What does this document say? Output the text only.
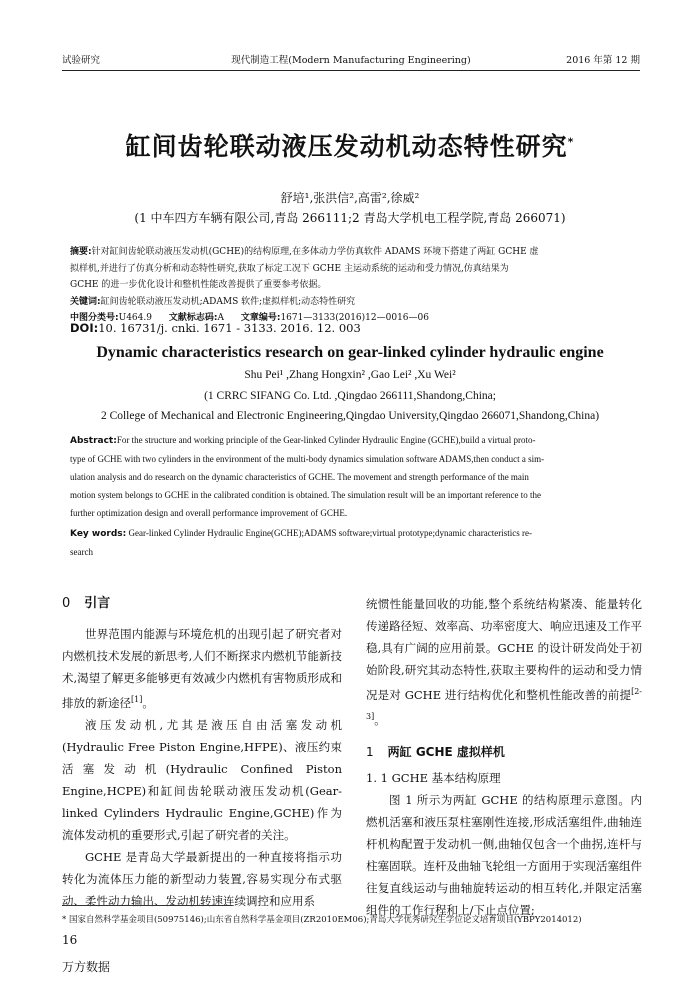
试验研究	现代制造工程(Modern Manufacturing Engineering)	2016 年第 12 期
缸间齿轮联动液压发动机动态特性研究*
舒培¹,张洪信²,高雷²,徐威²
(1 中车四方车辆有限公司,青岛 266111;2 青岛大学机电工程学院,青岛 266071)
摘要:针对缸间齿轮联动液压发动机(GCHE)的结构原理,在多体动力学仿真软件 ADAMS 环境下搭建了两缸 GCHE 虚
拟样机,并进行了仿真分析和动态特性研究,获取了标定工况下 GCHE 主运动系统的运动和受力情况,仿真结果为
GCHE 的进一步优化设计和整机性能改善提供了重要参考依据。
关键词:缸间齿轮联动液压发动机;ADAMS 软件;虚拟样机;动态特性研究
中图分类号:U464.9 文献标志码:A 文章编号:1671—3133(2016)12—0016—06
DOI:10. 16731/j. cnki. 1671 - 3133. 2016. 12. 003
Dynamic characteristics research on gear-linked cylinder hydraulic engine
Shu Pei¹ ,Zhang Hongxin² ,Gao Lei² ,Xu Wei²
(1 CRRC SIFANG Co. Ltd. ,Qingdao 266111,Shandong,China;
2 College of Mechanical and Electronic Engineering,Qingdao University,Qingdao 266071,Shandong,China)
Abstract:For the structure and working principle of the Gear-linked Cylinder Hydraulic Engine (GCHE),build a virtual proto-
type of GCHE with two cylinders in the environment of the multi-body dynamics simulation software ADAMS,then conduct a sim-
ulation analysis and do research on the dynamic characteristics of GCHE. The movement and strength performance of the main
motion system belongs to GCHE in the calibrated condition is obtained. The simulation result will be an important reference to the
further optimization design and overall performance improvement of GCHE.
Key words: Gear-linked Cylinder Hydraulic Engine(GCHE);ADAMS software;virtual prototype;dynamic characteristics re-
search
0 引言

世界范围内能源与环境危机的出现引起了研究者对内燃机技术发展的新思考,人们不断探求内燃机节能新技术,渴望了解更多能够更有效减少内燃机有害物质形成和排放的新途径[1]。

液压发动机,尤其是液压自由活塞发动机(Hydraulic Free Piston Engine,HFPE)、液压约束活塞发动机(Hydraulic Confined Piston Engine,HCPE)和缸间齿轮联动液压发动机(Gear-linked Cylinders Hydraulic Engine,GCHE)作为流体发动机的重要形式,引起了研究者的关注。

GCHE 是青岛大学最新提出的一种直接将指示功转化为流体压力能的新型动力装置,容易实现分布式驱动、柔性动力输出、发动机转速连续调控和应用系

统惯性能量回收的功能,整个系统结构紧凑、能量转化传递路径短、效率高、功率密度大、响应迅速及工作平稳,具有广阔的应用前景。GCHE 的设计研发尚处于初始阶段,研究其动态特性,获取主要构件的运动和受力情况是对 GCHE 进行结构优化和整机性能改善的前提[2-3]。

1 两缸 GCHE 虚拟样机
1. 1 GCHE 基本结构原理

图 1 所示为两缸 GCHE 的结构原理示意图。内燃机活塞和液压泵柱塞刚性连接,形成活塞组件,曲轴连杆机构配置于发动机一侧,曲轴仅包含一个曲拐,连杆与柱塞固联。连杆及曲轴飞轮组一方面用于实现活塞组件往复直线运动与曲轴旋转运动的相互转化,并限定活塞组件的工作行程和上/下止点位置;

* 国家自然科学基金项目(50975146);山东省自然科学基金项目(ZR2010EM06);青岛大学优秀研究生学位论文培育项目(YBPY2014012)
16
万方数据
